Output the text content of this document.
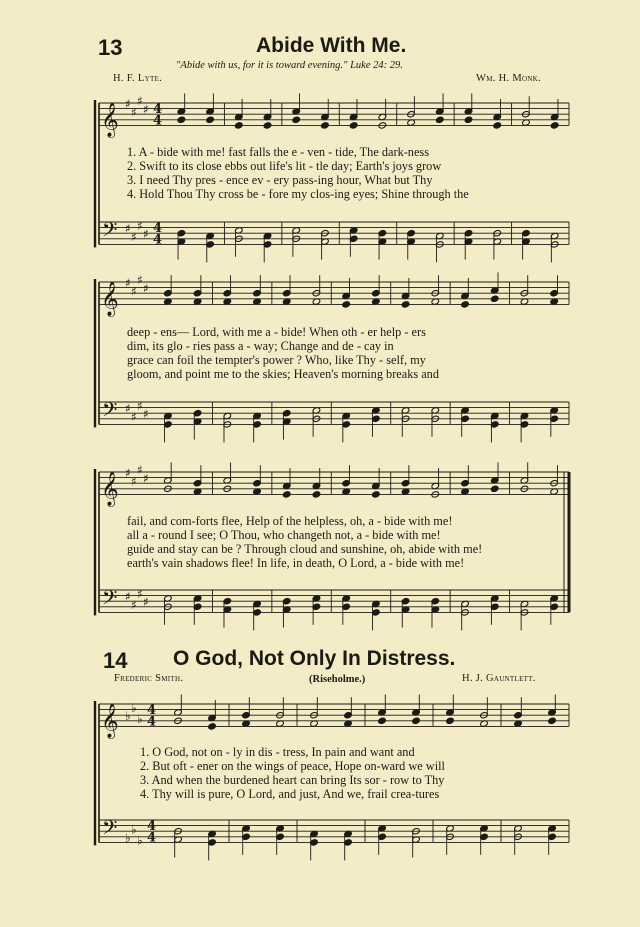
13	Abide With Me.
"Abide with us, for it is toward evening." Luke 24: 29.
H. F. Lyte.	Wm. H. Monk.
𝄞
𝄢
♯
♯
♯
♯
♯
♯
♯
♯
4
4
4
4
𝄞
𝄢
♯
♯
♯
♯
♯
♯
♯
♯
𝄞
𝄢
♯
♯
♯
♯
♯
♯
♯
♯
𝄞
𝄢
♭
♭
♭
♭
♭
♭
4
4
4
4
1. A - bide with me! fast falls the e - ven - tide, The dark-ness
2. Swift to its close ebbs out life's lit - tle day; Earth's joys grow
3. I need Thy pres - ence ev - ery pass-ing hour, What but Thy
4. Hold Thou Thy cross be - fore my clos-ing eyes; Shine through the
deep - ens— Lord, with me a - bide! When oth - er help - ers
dim, its glo - ries pass a - way; Change and de - cay in
grace can foil the tempter's power ? Who, like Thy - self, my
gloom, and point me to the skies; Heaven's morning breaks and
fail, and com-forts flee, Help of the helpless, oh, a - bide with me!
all a - round I see; O Thou, who changeth not, a - bide with me!
guide and stay can be ? Through cloud and sunshine, oh, abide with me!
earth's vain shadows flee! In life, in death, O Lord, a - bide with me!
14 O God, Not Only In Distress.
Frederic Smith.	(Riseholme.)	H. J. Gauntlett.
1. O God, not on - ly in dis - tress, In pain and want and
2. But oft - ener on the wings of peace, Hope on-ward we will
3. And when the burdened heart can bring Its sor - row to Thy
4. Thy will is pure, O Lord, and just, And we, frail crea-tures
